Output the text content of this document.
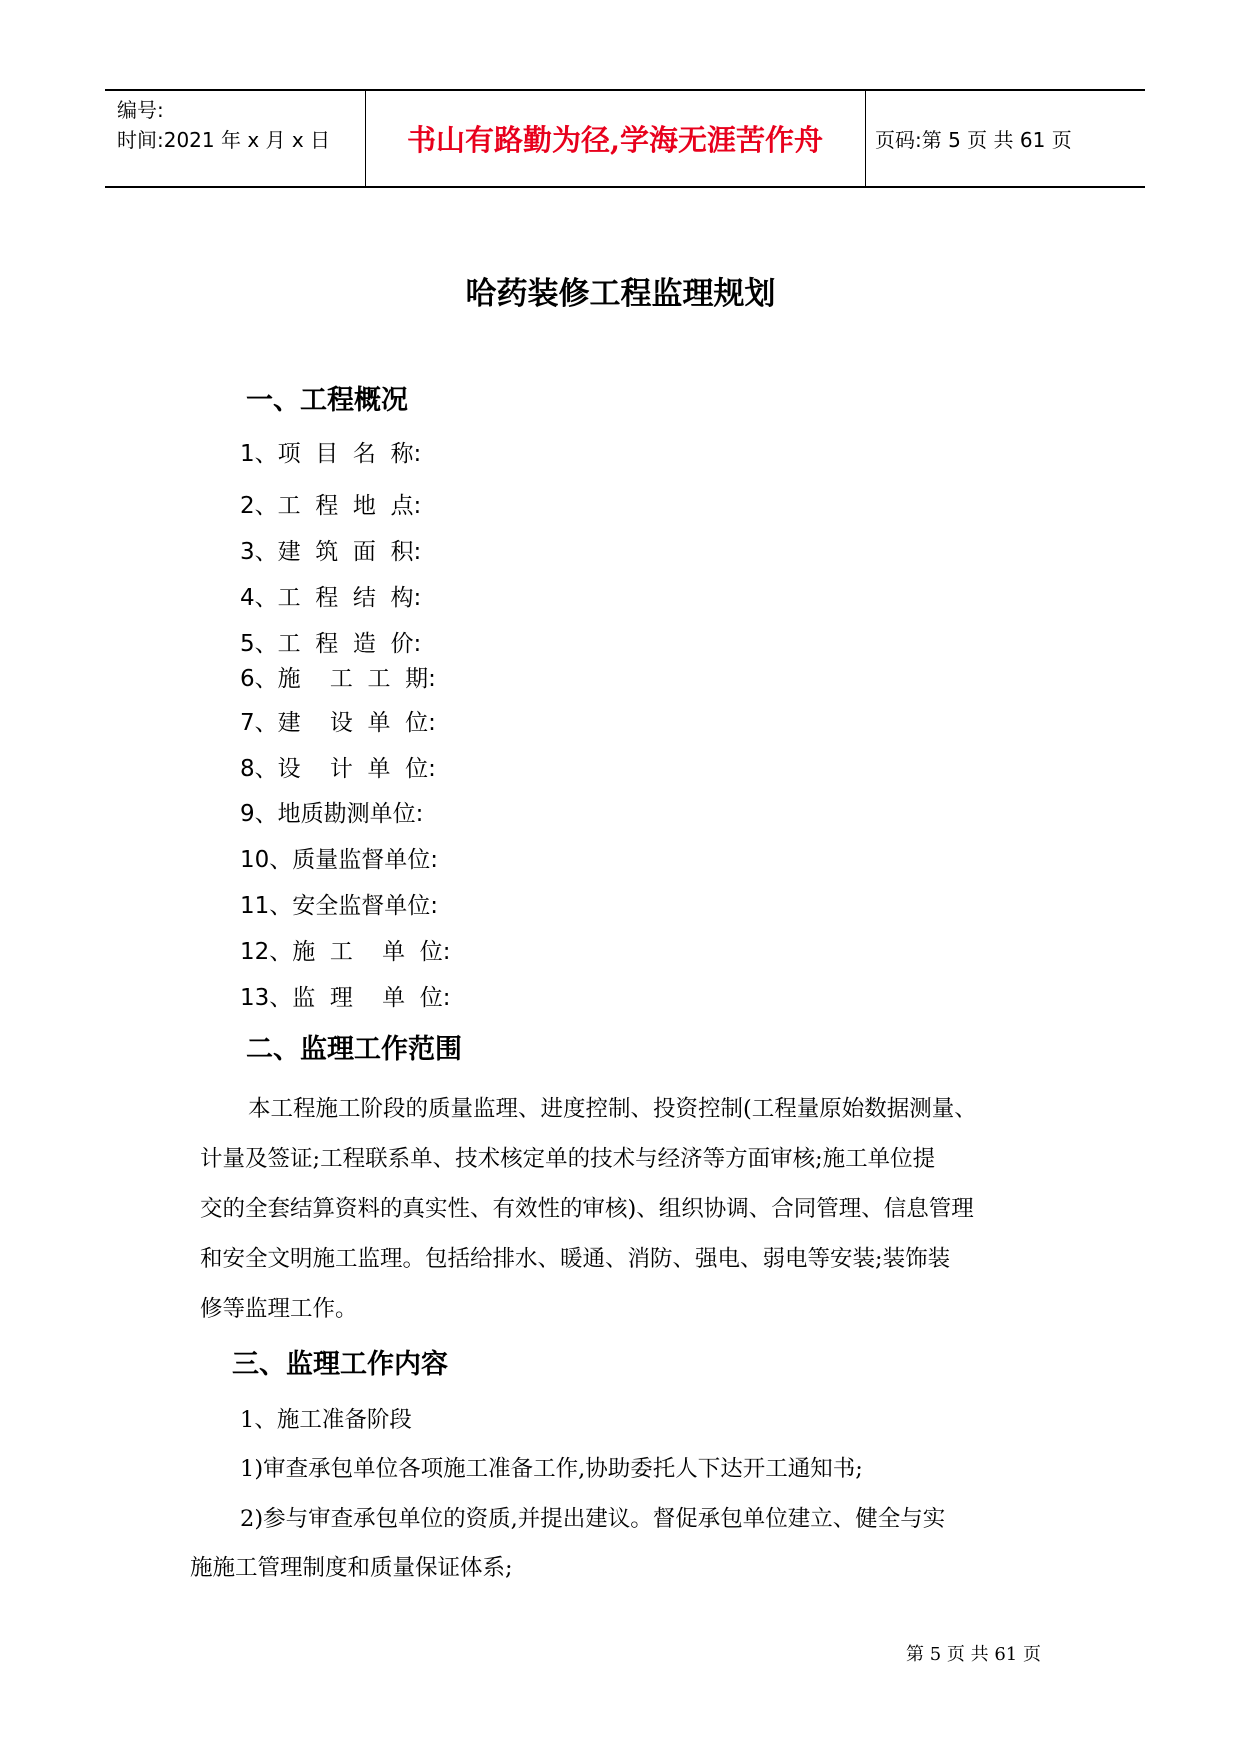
编号:
时间:2021 年 x 月 x 日	书山有路勤为径,学海无涯苦作舟	页码:第 5 页 共 61 页
哈药装修工程监理规划
一、工程概况
1、项  目  名  称:
2、工  程  地  点:
3、建  筑  面  积:
4、工  程  结  构:
5、工  程  造  价:
6、施    工  工  期:
7、建    设  单  位:
8、设    计  单  位:
9、地质勘测单位:
10、质量监督单位:
11、安全监督单位:
12、施  工    单  位:
13、监  理    单  位:
二、监理工作范围
本工程施工阶段的质量监理、进度控制、投资控制(工程量原始数据测量、
计量及签证;工程联系单、技术核定单的技术与经济等方面审核;施工单位提
交的全套结算资料的真实性、有效性的审核)、组织协调、合同管理、信息管理
和安全文明施工监理。包括给排水、暖通、消防、强电、弱电等安装;装饰装
修等监理工作。
三、监理工作内容
1、施工准备阶段
1)审查承包单位各项施工准备工作,协助委托人下达开工通知书;
2)参与审查承包单位的资质,并提出建议。督促承包单位建立、健全与实
施施工管理制度和质量保证体系;
第 5 页 共 61 页
